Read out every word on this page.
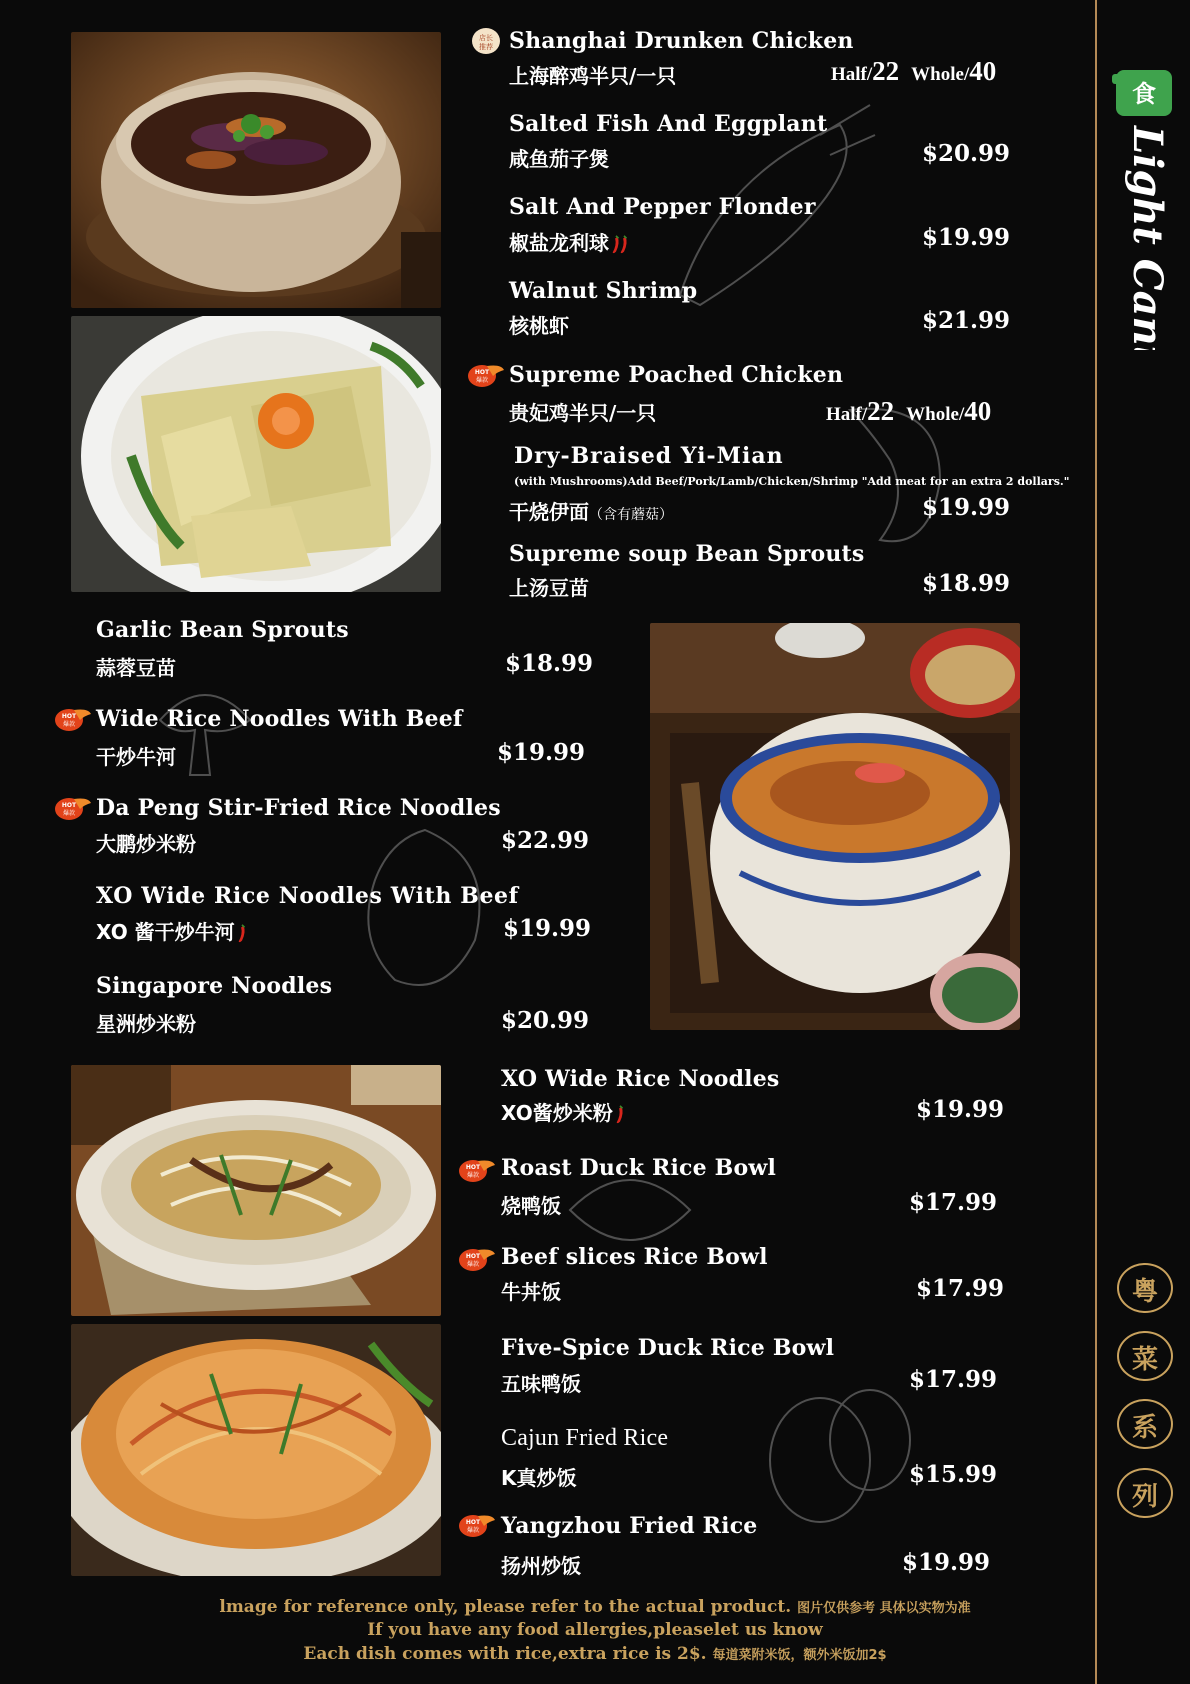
店长
推荐 Shanghai Drunken Chicken
上海醉鸡半只/一只	Half/22 Whole/40
Salted Fish And Eggplant
咸鱼茄子煲	$20.99
Salt And Pepper Flonder
椒盐龙利球	$19.99
Walnut Shrimp
核桃虾	$21.99
Supreme Poached Chicken
贵妃鸡半只/一只	Half/22 Whole/40
Dry-Braised Yi-Mian
(with Mushrooms)Add Beef/Pork/Lamb/Chicken/Shrimp "Add meat for an extra 2 dollars."
干烧伊面（含有蘑菇）	$19.99
Supreme soup Bean Sprouts
上汤豆苗	$18.99
Garlic Bean Sprouts
蒜蓉豆苗	$18.99
Wide Rice Noodles With Beef
干炒牛河	$19.99
Da Peng Stir-Fried Rice Noodles
大鹏炒米粉	$22.99
XO Wide Rice Noodles With Beef
XO 酱干炒牛河	$19.99
Singapore Noodles
星洲炒米粉	$20.99
XO Wide Rice Noodles
XO酱炒米粉	$19.99
Roast Duck Rice Bowl
烧鸭饭	$17.99
Beef slices Rice Bowl
牛丼饭	$17.99
Five-Spice Duck Rice Bowl
五味鸭饭	$17.99
Cajun Fried Rice
K真炒饭	$15.99
Yangzhou Fried Rice
扬州炒饭	$19.99
食
Light Cantine
粤
菜
系
列
lmage for reference only, please refer to the actual product. 图片仅供参考 具体以实物为准
If you have any food allergies,pleaselet us know
Each dish comes with rice,extra rice is 2$. 每道菜附米饭，额外米饭加2$
